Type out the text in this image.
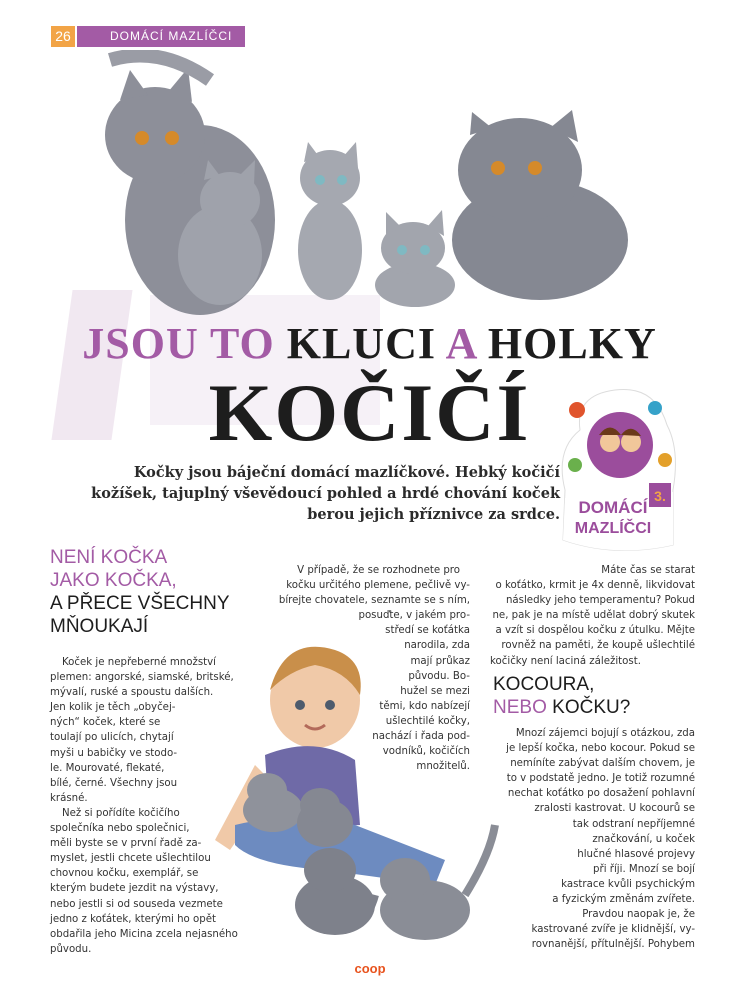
26	DOMÁCÍ MAZLÍČCI
JSOU TO KLUCI A HOLKY
KOČIČÍ
DOMÁCÍ
MAZLÍČCI
3.
Kočky jsou báječní domácí mazlíčkové. Hebký kočičí kožíšek, tajuplný vševědoucí pohled a hrdé chování koček berou jejich příznivce za srdce.
NENÍ KOČKA
JAKO KOČKA,
A PŘECE VŠECHNY
MŇOUKAJÍ
Koček je nepřeberné množství
plemen: angorské, siamské, britské,
mývalí, ruské a spoustu dalších.
Jen kolik je těch „obyčej-
ných“ koček, které se
toulají po ulicích, chytají
myši u babičky ve stodo-
le. Mourovaté, flekaté,
bílé, černé. Všechny jsou
krásné.
Než si pořídíte kočičího
společníka nebo společnici,
měli byste se v první řadě za-
myslet, jestli chcete ušlechtilou
chovnou kočku, exemplář, se
kterým budete jezdit na výstavy,
nebo jestli si od souseda vezmete
jedno z koťátek, kterými ho opět
obdařila jeho Micina zcela nejasného
původu.
V případě, že se rozhodnete pro
kočku určitého plemene, pečlivě vy-
bírejte chovatele, seznamte se s ním,
posuďte, v jakém pro-
středí se koťátka
narodila, zda
mají průkaz
původu. Bo-
hužel se mezi
těmi, kdo nabízejí
ušlechtilé kočky,
nachází i řada pod-
vodníků, kočičích
množitelů.
Máte čas se starat
o koťátko, krmit je 4x denně, likvidovat
následky jeho temperamentu? Pokud
ne, pak je na místě udělat dobrý skutek
a vzít si dospělou kočku z útulku. Mějte
rovněž na paměti, že koupě ušlechtilé
kočičky není laciná záležitost.
KOCOURA,
NEBO KOČKU?
Mnozí zájemci bojují s otázkou, zda
je lepší kočka, nebo kocour. Pokud se
nemíníte zabývat dalším chovem, je
to v podstatě jedno. Je totiž rozumné
nechat koťátko po dosažení pohlavní
zralosti kastrovat. U kocourů se
tak odstraní nepříjemné
značkování, u koček
hlučné hlasové projevy
při říji. Mnozí se bojí
kastrace kvůli psychickým
a fyzickým změnám zvířete.
Pravdou naopak je, že
kastrované zvíře je klidnější, vy-
rovnanější, přítulnější. Pohybem
coop
